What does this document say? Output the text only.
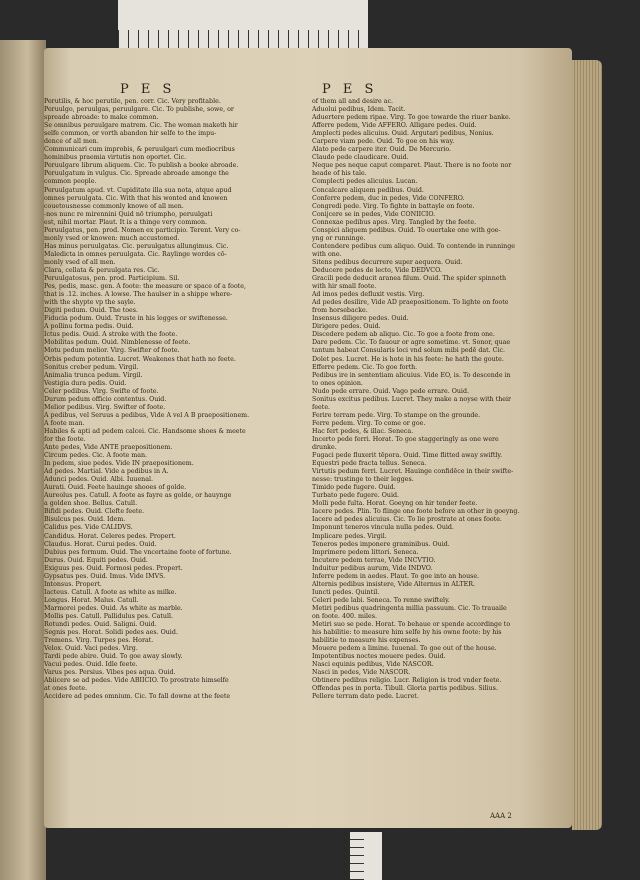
P E S	P E S
Perutilis, & hoc perutile, pen. corr. Cic. Very profitable.
Peruulgo, peruulgas, peruulgare. Cic. To publishe, sowe, or
spreade abroade: to make common.
Se omnibus peruulgare matrem. Cic. The woman maketh hir
selfe common, or vorth abandon hir selfe to the impu-
dence of all men.
Communicari cum improbis, & peruulgari cum mediocribus
hominibus praemia virtutis non oportet. Cic.
Peruulgare librum aliquem. Cic. To publish a booke abroade.
Peruulgatum in vulgus. Cic. Spreade abroade amonge the
common people.
Peruulgatum apud. vt. Cupiditate illa sua nota, atque apud
omnes peruulgata. Cic. With that his wonted and knowen
couetousnesse commonly knowe of all men.
-nos nunc re mirennini Quid nō triumpho, peruulgati
est, nihil mortar. Plaut. It is a thinge very common.
Peruulgatus, pen. prod. Nomen ex participio. Terent. Very co-
monly vsed or knowen: much accustomed.
Has minus peruulgatas. Cic. peruulgatus allungimus. Cic.
Maledicta in omnes peruulgata. Cic. Raylinge wordes cō-
monly vsed of all men.
Clara, cellata & peruulgata res. Cic.
Peruulgatosus, pen. prod. Participium. Sil.
Pes, pedis, masc. gen. A foote: the measure or space of a foote,
that is .12. inches. A lowse. The haulser in a shippe where-
with the shypte vp the sayle.
Digiti pedum. Ouid. The toes.
Fiducia podum. Ouid. Truste in his legges or swiftenesse.
A pollinu forma pedis. Ouid.
Ictus pedis. Ouid. A stroke with the foote.
Mobilitas pedum. Ouid. Nimblenesse of feete.
Motu pedum melior. Virg. Swifter of foote.
Orbis pedum potentia. Lucret. Weakenes that hath no feete.
Sonitus creber pedum. Virgil.
Animalia trunca pedum. Virgil.
Vestigia dura pedis. Ouid.
Celer pedibus. Virg. Swifte of foote.
Durum pedum officio contentus. Ouid.
Melior pedibus. Virg. Swifter of foote.
A pedibus, vel Seruus a pedibus, Vide A vel A B praepositionem.
A foote man.
Habiles & apti ad pedem calcei. Cic. Handsome shoes & meete
for the foote.
Ante pedes, Vide ANTE praepositionem.
Circum pedes. Cic. A foote man.
In pedem, siue pedes. Vide IN praepositionem.
Ad pedes. Martial. Vide a pedibus in A.
Adunci pedes. Ouid. Albi. Iuuenal.
Aurati. Ouid. Feete hauinge shooes of golde.
Aureolus pes. Catull. A foote as fayre as golde, or hauynge
a golden shoe. Bellus. Catull.
Bifidi pedes. Ouid. Clefte feete.
Bisulcus pes. Ouid. Idem.
Calidus pes. Vide CALIDVS.
Candidus. Horat. Celeres pedes. Propert.
Claudus. Horat. Curui pedes. Ouid.
Dubius pes formum. Ouid. The vncertaine foote of fortune.
Durus. Ouid. Equiti pedes. Ouid.
Exiguus pes. Ouid. Formosi pedes. Propert.
Gypsatus pes. Ouid. Imus. Vide IMVS.
Intonsus. Propert.
Iacteus. Catull. A foote as white as milke.
Longus. Horat. Malus. Catull.
Marmorei pedes. Ouid. As white as marble.
Mollis pes. Catull. Pallidulus pes. Catull.
Rotundi pedes. Ouid. Saligni. Ouid.
Segnis pes. Horat. Solidi pedes aes. Ouid.
Tremens. Virg. Turpes pes. Horat.
Velox. Ouid. Vaci pedes. Virg.
Tardi pede abire. Ouid. To goe away slowly.
Vacui pedes. Ouid. Idle feete.
Varus pes. Persius. Vibes pes aqua. Ouid.
Abiicere se ad pedes. Vide ABIICIO. To prostrate himselfe
at ones feete.
Accidere ad pedes omnium. Cic. To fall downe at the feete
of them all and desire ac.
Aduolui pedibus, Idem. Tacit.
Aduertere pedem ripae. Virg. To goe towarde the riuer banke.
Afferre pedem, Vide AFFERO. Alligare pedes. Ouid.
Amplecti pedes alicuius. Ouid. Argutari pedibus, Nonius.
Carpere viam pede. Ouid. To goe on his way.
Alato pede carpere iter. Ouid. De Mercurio.
Claudo pede claudicare. Ouid.
Neque pes neque caput comparet. Plaut. There is no foote nor
heade of his tale.
Complecti pedes alicuius. Lucan.
Concalcare aliquem pedibus. Ouid.
Conferre pedem, duc in pedes, Vide CONFERO.
Congredi pede. Virg. To fighte in battayle on foote.
Conijcere se in pedes, Vide CONIICIO.
Connexae pedibus apes. Virg. Tangled by the feete.
Conspici aliquem pedibus. Ouid. To ouertake one with goe-
yng or runninge.
Contendere pedibus cum aliquo. Ouid. To contende in runninge
with one.
Sitens pedibus decurrere super aequora. Ouid.
Deducere pedes de lecto, Vide DEDVCO.
Gracili pede deducit aranea filum. Ouid. The spider spinneth
with hir small foote.
Ad imos pedes defluxit vestis. Virg.
Ad pedes desilire, Vide AD praepositionem. To lighte on foote
from horsebacke.
Insensus diligere pedes. Ouid.
Dirigere pedes. Ouid.
Discedere pedem ab aliquo. Cic. To goe a foote from one.
Dare pedem. Cic. To fauour or agre sometime. vt. Sonor, quae
tantum habeat Consularis loci vnd solum mibi pedē dat. Cic.
Dolet pes. Lucret. He is hote in his feete: he hath the goute.
Efferre pedem. Cic. To goe forth.
Pedibus ire in sententiam alicuius. Vide EO, is. To descende in
to ones opinion.
Nudo pede errare. Ouid. Vago pede errare. Ouid.
Sonitus excitus pedibus. Lucret. They make a noyse with their
feete.
Ferire terram pede. Virg. To stampe on the grounde.
Ferre pedem. Virg. To come or goe.
Hac fert pedes, & illac. Seneca.
Incerto pede ferri. Horat. To goe staggeringly as one were
drunke.
Fugaci pede fluxerit tēpora. Ouid. Time flitted away swiftly.
Equestri pede fracta tellus. Seneca.
Virtutis pedum ferri. Lucret. Hauinge confidēce in their swifte-
nesse: trustinge to their legges.
Timido pede fugere. Ouid.
Turbato pede fugere. Ouid.
Molli pede fulta. Horat. Goeyng on hir tender feete.
Iacere pedes. Plin. To flinge one foote before an other in goeyng.
Iacere ad pedes alicuius. Cic. To lie prostrate at ones foote.
Imponunt teneros vincula nulla pedes. Ouid.
Implicare pedes. Virgil.
Teneros pedes imponere graminibus. Ouid.
Imprimere pedem littori. Seneca.
Incutere pedem terrae, Vide INCVTIO.
Induitur pedibus aurum, Vide INDVO.
Inferre pedem in aedes. Plaut. To goe into an house.
Alternis pedibus insistere, Vide Alternus in ALTER.
Iuncti pedes. Quintil.
Celeri pede labi. Seneca. To renne swiftely.
Metiri pedibus quadringenta millia passuum. Cic. To trauaile
on foote. 400. miles.
Metiri suo se pede. Horat. To behaue or spende accordinge to
his habilitie: to measure him selfe by his owne foote: by his
habilitie to measure his expenses.
Mouere pedem a limine. Iuuenal. To goe out of the house.
Impotentibus noctes mouere pedes. Ouid.
Nasci equinis pedibus, Vide NASCOR.
Nasci in pedes, Vide NASCOR.
Obtinere pedibus religio. Lucr. Religion is trod vnder feete.
Offendas pes in porta. Tibull. Gloria partis pedibus. Silius.
Pellere terram dato pede. Lucret.
AAA 2
